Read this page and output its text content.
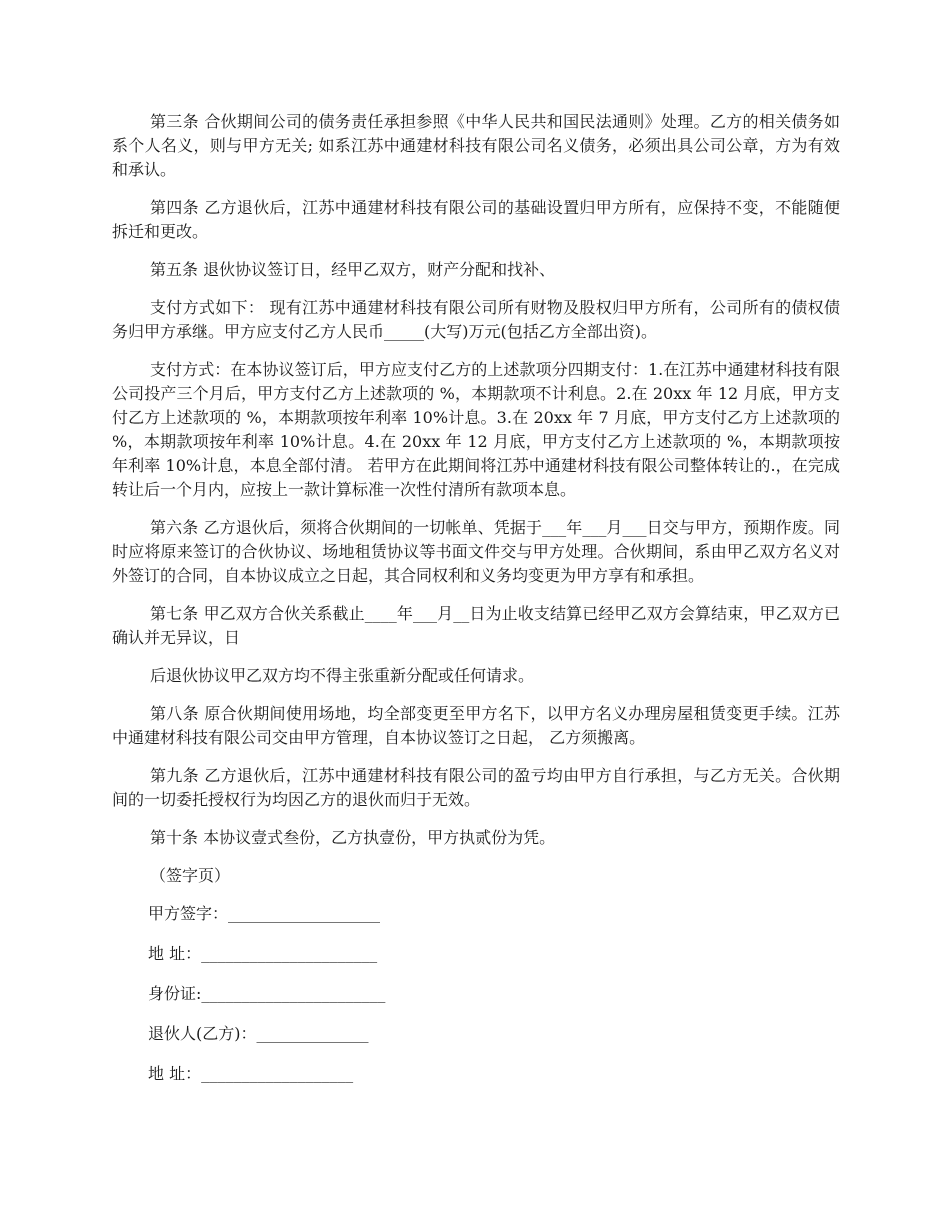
第三条 合伙期间公司的债务责任承担参照《中华人民共和国民法通则》处理。乙方的相关债务如系个人名义，则与甲方无关; 如系江苏中通建材科技有限公司名义债务，必须出具公司公章，方为有效和承认。

第四条 乙方退伙后，江苏中通建材科技有限公司的基础设置归甲方所有，应保持不变，不能随便拆迁和更改。

第五条 退伙协议签订日，经甲乙双方，财产分配和找补、

支付方式如下： 现有江苏中通建材科技有限公司所有财物及股权归甲方所有，公司所有的债权债务归甲方承继。甲方应支付乙方人民币_____(大写)万元(包括乙方全部出资)。

支付方式：在本协议签订后，甲方应支付乙方的上述款项分四期支付：1.在江苏中通建材科技有限公司投产三个月后，甲方支付乙方上述款项的 %，本期款项不计利息。2.在 20xx 年 12 月底，甲方支付乙方上述款项的 %，本期款项按年利率 10%计息。3.在 20xx 年 7 月底，甲方支付乙方上述款项的 %，本期款项按年利率 10%计息。4.在 20xx 年 12 月底，甲方支付乙方上述款项的 %，本期款项按年利率 10%计息，本息全部付清。 若甲方在此期间将江苏中通建材科技有限公司整体转让的.，在完成转让后一个月内，应按上一款计算标准一次性付清所有款项本息。

第六条 乙方退伙后，须将合伙期间的一切帐单、凭据于___年___月___日交与甲方，预期作废。同时应将原来签订的合伙协议、场地租赁协议等书面文件交与甲方处理。合伙期间，系由甲乙双方名义对外签订的合同，自本协议成立之日起，其合同权利和义务均变更为甲方享有和承担。

第七条 甲乙双方合伙关系截止____年___月__日为止收支结算已经甲乙双方会算结束，甲乙双方已确认并无异议，日

后退伙协议甲乙双方均不得主张重新分配或任何请求。

第八条 原合伙期间使用场地，均全部变更至甲方名下，以甲方名义办理房屋租赁变更手续。江苏中通建材科技有限公司交由甲方管理，自本协议签订之日起， 乙方须搬离。

第九条 乙方退伙后，江苏中通建材科技有限公司的盈亏均由甲方自行承担，与乙方无关。合伙期间的一切委托授权行为均因乙方的退伙而归于无效。

第十条 本协议壹式叁份，乙方执壹份，甲方执贰份为凭。

（签字页）

甲方签字：___________________

地 址：______________________

身份证:_______________________

退伙人(乙方)：______________

地 址：___________________
